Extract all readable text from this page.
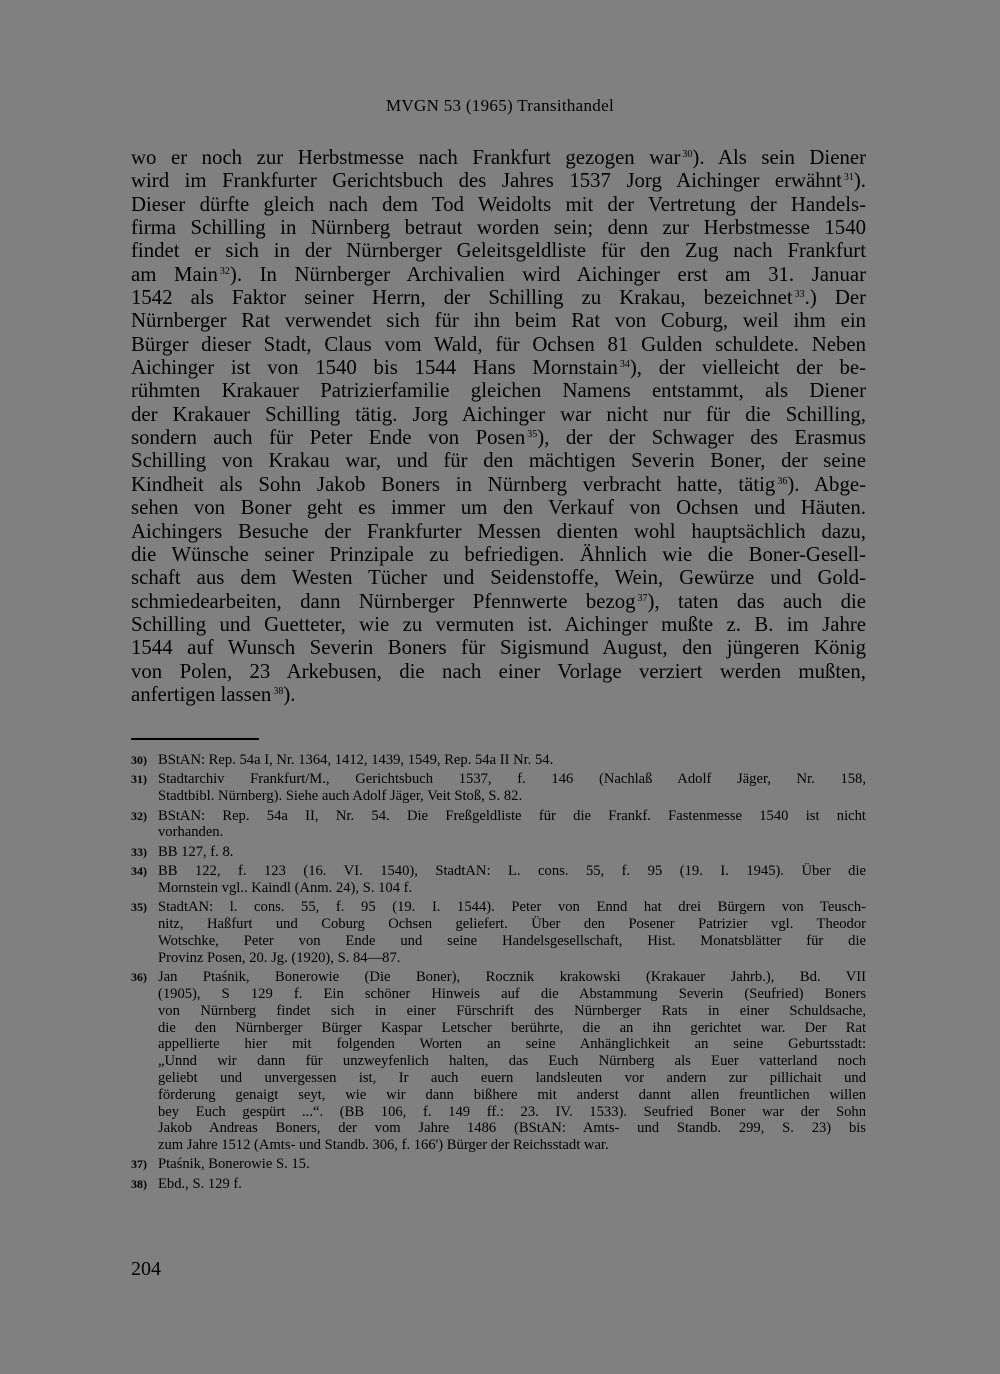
MVGN 53 (1965) Transithandel
wo er noch zur Herbstmesse nach Frankfurt gezogen war $^{30}$). Als sein Diener
wird im Frankfurter Gerichtsbuch des Jahres 1537 Jorg Aichinger erwähnt $^{31}$).
Dieser dürfte gleich nach dem Tod Weidolts mit der Vertretung der Handels-
firma Schilling in Nürnberg betraut worden sein; denn zur Herbstmesse 1540
findet er sich in der Nürnberger Geleitsgeldliste für den Zug nach Frankfurt
am Main $^{32}$). In Nürnberger Archivalien wird Aichinger erst am 31. Januar
1542 als Faktor seiner Herrn, der Schilling zu Krakau, bezeichnet $^{33}$.) Der
Nürnberger Rat verwendet sich für ihn beim Rat von Coburg, weil ihm ein
Bürger dieser Stadt, Claus vom Wald, für Ochsen 81 Gulden schuldete. Neben
Aichinger ist von 1540 bis 1544 Hans Mornstain $^{34}$), der vielleicht der be-
rühmten Krakauer Patrizierfamilie gleichen Namens entstammt, als Diener
der Krakauer Schilling tätig. Jorg Aichinger war nicht nur für die Schilling,
sondern auch für Peter Ende von Posen $^{35}$), der der Schwager des Erasmus
Schilling von Krakau war, und für den mächtigen Severin Boner, der seine
Kindheit als Sohn Jakob Boners in Nürnberg verbracht hatte, tätig $^{36}$). Abge-
sehen von Boner geht es immer um den Verkauf von Ochsen und Häuten.
Aichingers Besuche der Frankfurter Messen dienten wohl hauptsächlich dazu,
die Wünsche seiner Prinzipale zu befriedigen. Ähnlich wie die Boner-Gesell-
schaft aus dem Westen Tücher und Seidenstoffe, Wein, Gewürze und Gold-
schmiedearbeiten, dann Nürnberger Pfennwerte bezog $^{37}$), taten das auch die
Schilling und Guetteter, wie zu vermuten ist. Aichinger mußte z. B. im Jahre
1544 auf Wunsch Severin Boners für Sigismund August, den jüngeren König
von Polen, 23 Arkebusen, die nach einer Vorlage verziert werden mußten,
anfertigen lassen $^{38}$).
30) BStAN: Rep. 54a I, Nr. 1364, 1412, 1439, 1549, Rep. 54a II Nr. 54.
31) Stadtarchiv Frankfurt/M., Gerichtsbuch 1537, f. 146 (Nachlaß Adolf Jäger, Nr. 158,
Stadtbibl. Nürnberg). Siehe auch Adolf Jäger, Veit Stoß, S. 82.
32) BStAN: Rep. 54a II, Nr. 54. Die Freßgeldliste für die Frankf. Fastenmesse 1540 ist nicht
vorhanden.
33) BB 127, f. 8.
34) BB 122, f. 123 (16. VI. 1540), StadtAN: L. cons. 55, f. 95 (19. I. 1945). Über die
Mornstein vgl.. Kaindl (Anm. 24), S. 104 f.
35) StadtAN: l. cons. 55, f. 95 (19. I. 1544). Peter von Ennd hat drei Bürgern von Teusch-
nitz, Haßfurt und Coburg Ochsen geliefert. Über den Posener Patrizier vgl. Theodor
Wotschke, Peter von Ende und seine Handelsgesellschaft, Hist. Monatsblätter für die
Provinz Posen, 20. Jg. (1920), S. 84—87.
36) Jan Ptaśnik, Bonerowie (Die Boner), Rocznik krakowski (Krakauer Jahrb.), Bd. VII
(1905), S 129 f. Ein schöner Hinweis auf die Abstammung Severin (Seufried) Boners
von Nürnberg findet sich in einer Fürschrift des Nürnberger Rats in einer Schuldsache,
die den Nürnberger Bürger Kaspar Letscher berührte, die an ihn gerichtet war. Der Rat
appellierte hier mit folgenden Worten an seine Anhänglichkeit an seine Geburtsstadt:
„Unnd wir dann für unzweyfenlich halten, das Euch Nürnberg als Euer vatterland noch
geliebt und unvergessen ist, Ir auch euern landsleuten vor andern zur pillichait und
förderung genaigt seyt, wie wir dann bißhere mit anderst dannt allen freuntlichen willen
bey Euch gespürt ...“. (BB 106, f. 149 ff.: 23. IV. 1533). Seufried Boner war der Sohn
Jakob Andreas Boners, der vom Jahre 1486 (BStAN: Amts- und Standb. 299, S. 23) bis
zum Jahre 1512 (Amts- und Standb. 306, f. 166') Bürger der Reichsstadt war.
37) Ptaśnik, Bonerowie S. 15.
38) Ebd., S. 129 f.
204
